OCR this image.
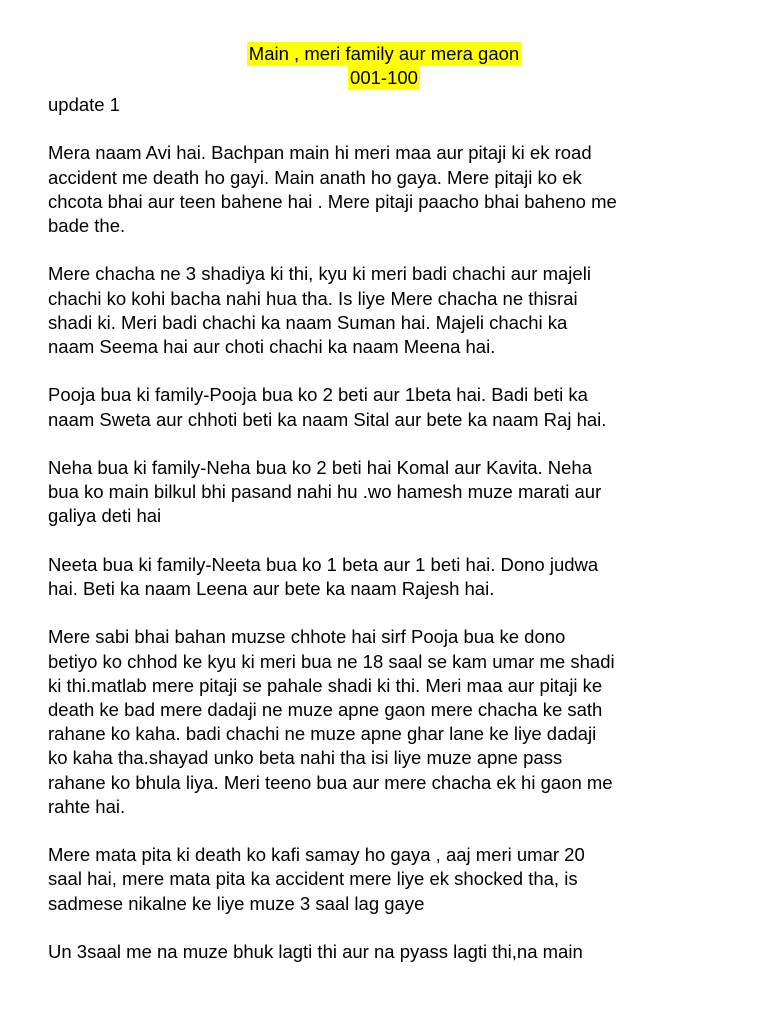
Main , meri family aur mera gaon
001-100

update 1

Mera naam Avi hai. Bachpan main hi meri maa aur pitaji ki ek road
accident me death ho gayi. Main anath ho gaya. Mere pitaji ko ek
chcota bhai aur teen bahene hai . Mere pitaji paacho bhai baheno me
bade the.

Mere chacha ne 3 shadiya ki thi, kyu ki meri badi chachi aur majeli
chachi ko kohi bacha nahi hua tha. Is liye Mere chacha ne thisrai
shadi ki. Meri badi chachi ka naam Suman hai. Majeli chachi ka
naam Seema hai aur choti chachi ka naam Meena hai.

Pooja bua ki family-Pooja bua ko 2 beti aur 1beta hai. Badi beti ka
naam Sweta aur chhoti beti ka naam Sital aur bete ka naam Raj hai.

Neha bua ki family-Neha bua ko 2 beti hai Komal aur Kavita. Neha
bua ko main bilkul bhi pasand nahi hu .wo hamesh muze marati aur
galiya deti hai

Neeta bua ki family-Neeta bua ko 1 beta aur 1 beti hai. Dono judwa
hai. Beti ka naam Leena aur bete ka naam Rajesh hai.

Mere sabi bhai bahan muzse chhote hai sirf Pooja bua ke dono
betiyo ko chhod ke kyu ki meri bua ne 18 saal se kam umar me shadi
ki thi.matlab mere pitaji se pahale shadi ki thi. Meri maa aur pitaji ke
death ke bad mere dadaji ne muze apne gaon mere chacha ke sath
rahane ko kaha. badi chachi ne muze apne ghar lane ke liye dadaji
ko kaha tha.shayad unko beta nahi tha isi liye muze apne pass
rahane ko bhula liya. Meri teeno bua aur mere chacha ek hi gaon me
rahte hai.

Mere mata pita ki death ko kafi samay ho gaya , aaj meri umar 20
saal hai, mere mata pita ka accident mere liye ek shocked tha, is
sadmese nikalne ke liye muze 3 saal lag gaye

Un 3saal me na muze bhuk lagti thi aur na pyass lagti thi,na main
